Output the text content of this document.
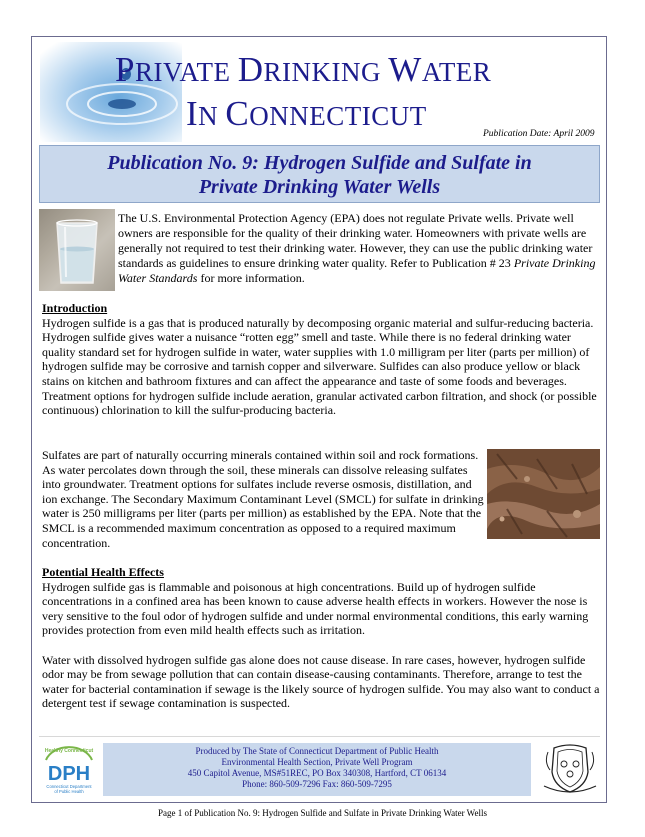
PRIVATE DRINKING WATER
IN CONNECTICUT
Publication Date: April 2009
Publication No. 9: Hydrogen Sulfide and Sulfate in
Private Drinking Water Wells
The U.S. Environmental Protection Agency (EPA) does not regulate Private wells. Private well owners are responsible for the quality of their drinking water. Homeowners with private wells are generally not required to test their drinking water. However, they can use the public drinking water standards as guidelines to ensure drinking water quality. Refer to Publication # 23 Private Drinking Water Standards for more information.
Introduction
Hydrogen sulfide is a gas that is produced naturally by decomposing organic material and sulfur-reducing bacteria. Hydrogen sulfide gives water a nuisance “rotten egg” smell and taste. While there is no federal drinking water quality standard set for hydrogen sulfide in water, water supplies with 1.0 milligram per liter (parts per million) of hydrogen sulfide may be corrosive and tarnish copper and silverware. Sulfides can also produce yellow or black stains on kitchen and bathroom fixtures and can affect the appearance and taste of some foods and beverages. Treatment options for hydrogen sulfide include aeration, granular activated carbon filtration, and shock (or possible continuous) chlorination to kill the sulfur-producing bacteria.
Sulfates are part of naturally occurring minerals contained within soil and rock formations. As water percolates down through the soil, these minerals can dissolve releasing sulfates into groundwater. Treatment options for sulfates include reverse osmosis, distillation, and ion exchange. The Secondary Maximum Contaminant Level (SMCL) for sulfate in drinking water is 250 milligrams per liter (parts per million) as established by the EPA. Note that the SMCL is a recommended maximum concentration as opposed to a required maximum concentration.
Potential Health Effects
Hydrogen sulfide gas is flammable and poisonous at high concentrations. Build up of hydrogen sulfide concentrations in a confined area has been known to cause adverse health effects in workers. However the nose is very sensitive to the foul odor of hydrogen sulfide and under normal environmental conditions, this early warning provides protection from even mild health effects such as irritation.
Water with dissolved hydrogen sulfide gas alone does not cause disease. In rare cases, however, hydrogen sulfide odor may be from sewage pollution that can contain disease-causing contaminants. Therefore, arrange to test the water for bacterial contamination if sewage is the likely source of hydrogen sulfide. You may also want to conduct a detergent test if sewage contamination is suspected.
Healthy Connecticut
DPH
Connecticut Department
of Public Health
Produced by The State of Connecticut Department of Public Health
Environmental Health Section, Private Well Program
450 Capitol Avenue, MS#51REC, PO Box 340308, Hartford, CT 06134
Phone: 860-509-7296 Fax: 860-509-7295
Page 1 of Publication No. 9: Hydrogen Sulfide and Sulfate in Private Drinking Water Wells
